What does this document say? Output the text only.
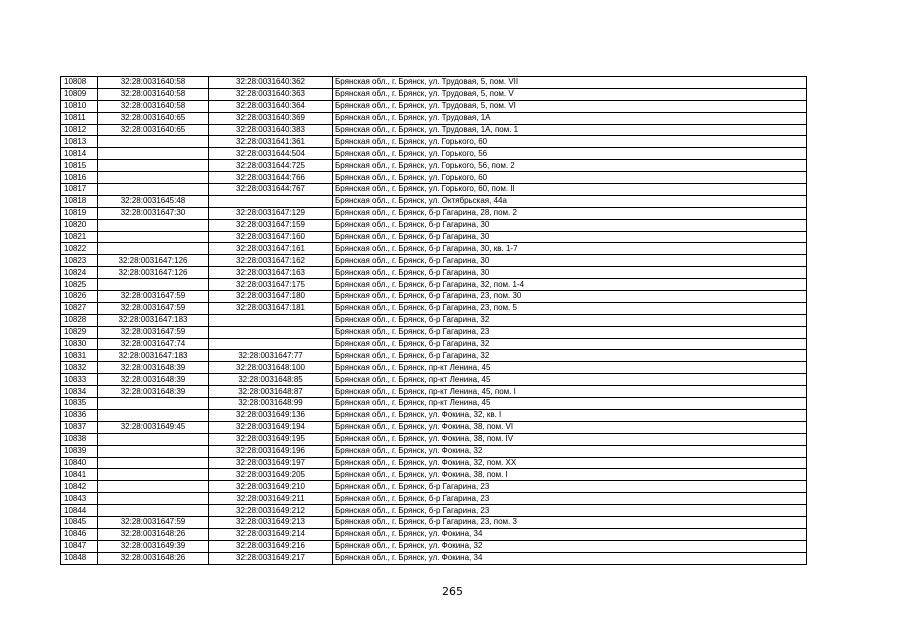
10808	32:28:0031640:58	32:28:0031640:362	Брянская обл., г. Брянск, ул. Трудовая, 5, пом. VII
10809	32:28:0031640:58	32:28:0031640:363	Брянская обл., г. Брянск, ул. Трудовая, 5, пом. V
10810	32:28:0031640:58	32:28:0031640:364	Брянская обл., г. Брянск, ул. Трудовая, 5, пом. VI
10811	32:28:0031640:65	32:28:0031640:369	Брянская обл., г. Брянск, ул. Трудовая, 1А
10812	32:28:0031640:65	32:28:0031640:383	Брянская обл., г. Брянск, ул. Трудовая, 1А, пом. 1
10813		32:28:0031641:361	Брянская обл., г. Брянск, ул. Горького, 60
10814		32:28:0031644:504	Брянская обл., г. Брянск, ул. Горького, 56
10815		32:28:0031644:725	Брянская обл., г. Брянск, ул. Горького, 56, пом. 2
10816		32:28:0031644:766	Брянская обл., г. Брянск, ул. Горького, 60
10817		32:28:0031644:767	Брянская обл., г. Брянск, ул. Горького, 60, пом. II
10818	32:28:0031645:48		Брянская обл., г. Брянск, ул. Октябрьская, 44а
10819	32:28:0031647:30	32:28:0031647:129	Брянская обл., г. Брянск, б-р Гагарина, 28, пом. 2
10820		32:28:0031647:159	Брянская обл., г. Брянск, б-р Гагарина, 30
10821		32:28:0031647:160	Брянская обл., г. Брянск, б-р Гагарина, 30
10822		32:28:0031647:161	Брянская обл., г. Брянск, б-р Гагарина, 30, кв. 1-7
10823	32:28:0031647:126	32:28:0031647:162	Брянская обл., г. Брянск, б-р Гагарина, 30
10824	32:28:0031647:126	32:28:0031647:163	Брянская обл., г. Брянск, б-р Гагарина, 30
10825		32:28:0031647:175	Брянская обл., г. Брянск, б-р Гагарина, 32, пом. 1-4
10826	32:28:0031647:59	32:28:0031647:180	Брянская обл., г. Брянск, б-р Гагарина, 23, пом. 30
10827	32:28:0031647:59	32:28:0031647:181	Брянская обл., г. Брянск, б-р Гагарина, 23, пом. 5
10828	32:28:0031647:183		Брянская обл., г. Брянск, б-р Гагарина, 32
10829	32:28:0031647:59		Брянская обл., г. Брянск, б-р Гагарина, 23
10830	32:28:0031647:74		Брянская обл., г. Брянск, б-р Гагарина, 32
10831	32:28:0031647:183	32:28:0031647:77	Брянская обл., г. Брянск, б-р Гагарина, 32
10832	32:28:0031648:39	32:28:0031648:100	Брянская обл., г. Брянск, пр-кт Ленина, 45
10833	32:28:0031648:39	32:28:0031648:85	Брянская обл., г. Брянск, пр-кт Ленина, 45
10834	32:28:0031648:39	32:28:0031648:87	Брянская обл., г. Брянск, пр-кт Ленина, 45, пом. I
10835		32:28:0031648:99	Брянская обл., г. Брянск, пр-кт Ленина, 45
10836		32:28:0031649:136	Брянская обл., г. Брянск, ул. Фокина, 32, кв. I
10837	32:28:0031649:45	32:28:0031649:194	Брянская обл., г. Брянск, ул. Фокина, 38, пом. VI
10838		32:28:0031649:195	Брянская обл., г. Брянск, ул. Фокина, 38, пом. IV
10839		32:28:0031649:196	Брянская обл., г. Брянск, ул. Фокина, 32
10840		32:28:0031649:197	Брянская обл., г. Брянск, ул. Фокина, 32, пом. XX
10841		32:28:0031649:205	Брянская обл., г. Брянск, ул. Фокина, 38, пом. I
10842		32:28:0031649:210	Брянская обл., г. Брянск, б-р Гагарина, 23
10843		32:28:0031649:211	Брянская обл., г. Брянск, б-р Гагарина, 23
10844		32:28:0031649:212	Брянская обл., г. Брянск, б-р Гагарина, 23
10845	32:28:0031647:59	32:28:0031649:213	Брянская обл., г. Брянск, б-р Гагарина, 23, пом. 3
10846	32:28:0031648:26	32:28:0031649:214	Брянская обл., г. Брянск, ул. Фокина, 34
10847	32:28:0031649:39	32:28:0031649:216	Брянская обл., г. Брянск, ул. Фокина, 32
10848	32:28:0031648:26	32:28:0031649:217	Брянская обл., г. Брянск, ул. Фокина, 34
265
